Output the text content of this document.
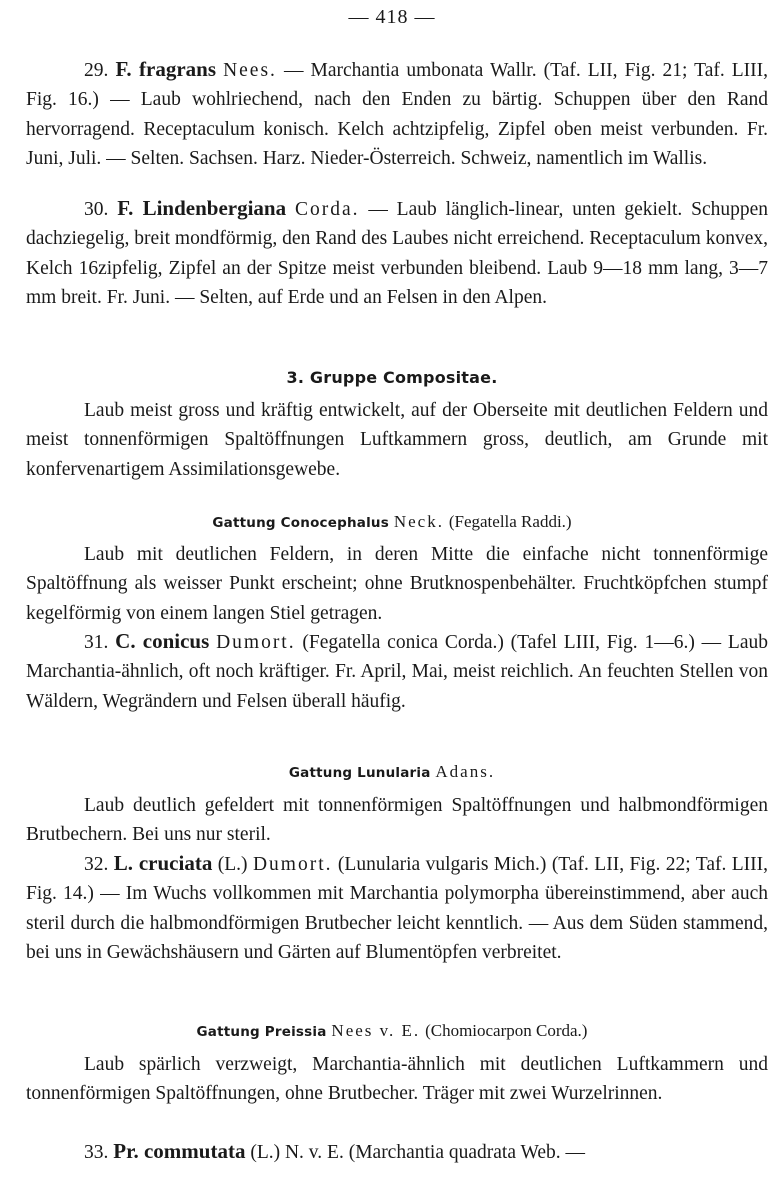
— 418 —

29. F. fragrans Nees. — Marchantia umbonata Wallr. (Taf. LII, Fig. 21; Taf. LIII, Fig. 16.) — Laub wohlriechend, nach den Enden zu bärtig. Schuppen über den Rand hervorragend. Receptaculum konisch. Kelch achtzipfelig, Zipfel oben meist verbunden. Fr. Juni, Juli. — Selten. Sachsen. Harz. Nieder-Österreich. Schweiz, namentlich im Wallis.

30. F. Lindenbergiana Corda. — Laub länglich-linear, unten gekielt. Schuppen dachziegelig, breit mondförmig, den Rand des Laubes nicht erreichend. Receptaculum konvex, Kelch 16zipfelig, Zipfel an der Spitze meist verbunden bleibend. Laub 9—18 mm lang, 3—7 mm breit. Fr. Juni. — Selten, auf Erde und an Felsen in den Alpen.

3. Gruppe Compositae.

Laub meist gross und kräftig entwickelt, auf der Oberseite mit deutlichen Feldern und meist tonnenförmigen Spaltöffnungen Luftkammern gross, deutlich, am Grunde mit konfervenartigem Assimilationsgewebe.

Gattung Conocephalus Neck. (Fegatella Raddi.)

Laub mit deutlichen Feldern, in deren Mitte die einfache nicht tonnenförmige Spaltöffnung als weisser Punkt erscheint; ohne Brutknospenbehälter. Fruchtköpfchen stumpf kegelförmig von einem langen Stiel getragen.

31. C. conicus Dumort. (Fegatella conica Corda.) (Tafel LIII, Fig. 1—6.) — Laub Marchantia-ähnlich, oft noch kräftiger. Fr. April, Mai, meist reichlich. An feuchten Stellen von Wäldern, Wegrändern und Felsen überall häufig.

Gattung Lunularia Adans.

Laub deutlich gefeldert mit tonnenförmigen Spaltöffnungen und halbmondförmigen Brutbechern. Bei uns nur steril.

32. L. cruciata (L.) Dumort. (Lunularia vulgaris Mich.) (Taf. LII, Fig. 22; Taf. LIII, Fig. 14.) — Im Wuchs vollkommen mit Marchantia polymorpha übereinstimmend, aber auch steril durch die halbmondförmigen Brutbecher leicht kenntlich. — Aus dem Süden stammend, bei uns in Gewächshäusern und Gärten auf Blumentöpfen verbreitet.

Gattung Preissia Nees v. E. (Chomiocarpon Corda.)

Laub spärlich verzweigt, Marchantia-ähnlich mit deutlichen Luftkammern und tonnenförmigen Spaltöffnungen, ohne Brutbecher. Träger mit zwei Wurzelrinnen.

33. Pr. commutata (L.) N. v. E. (Marchantia quadrata Web. —
